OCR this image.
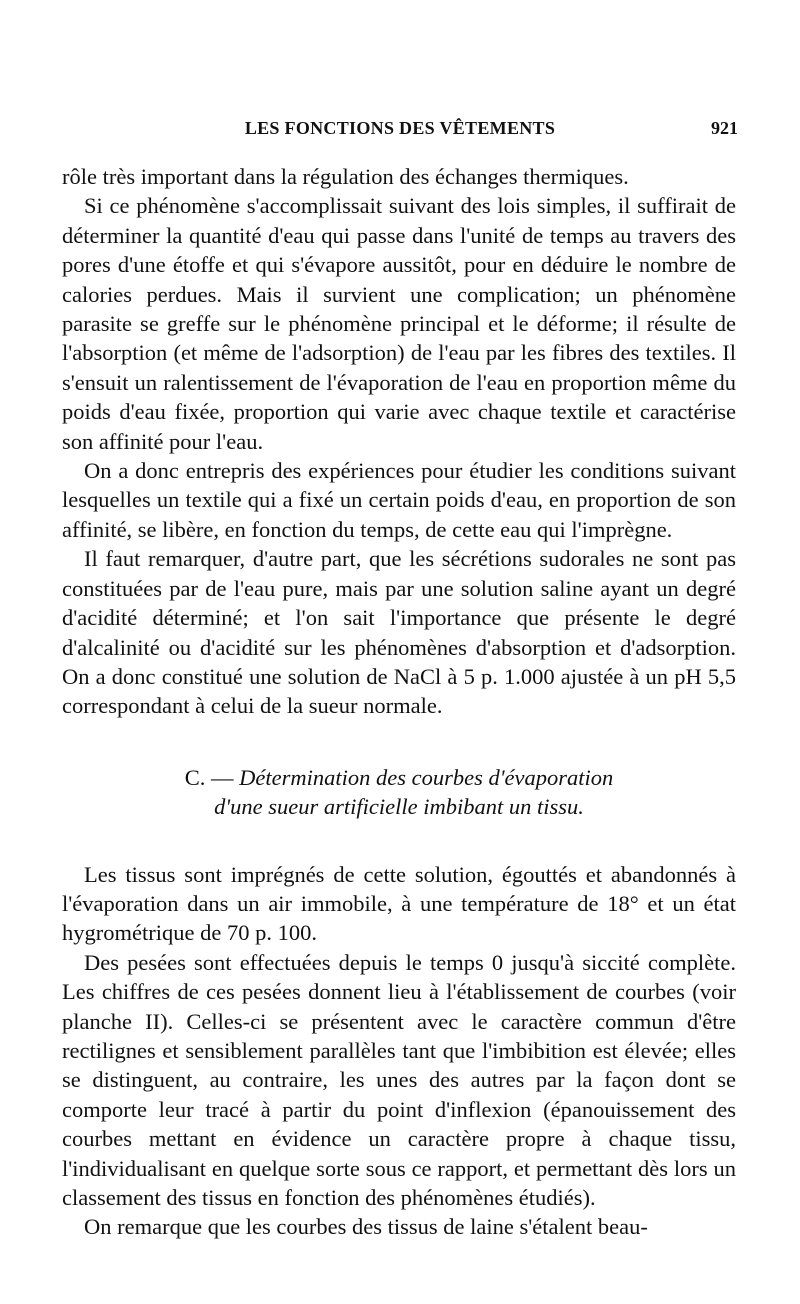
LES FONCTIONS DES VÊTEMENTS	921

rôle très important dans la régulation des échanges thermiques.

Si ce phénomène s'accomplissait suivant des lois simples, il suffirait de déterminer la quantité d'eau qui passe dans l'unité de temps au travers des pores d'une étoffe et qui s'évapore aussitôt, pour en déduire le nombre de calories perdues. Mais il survient une complication; un phénomène parasite se greffe sur le phénomène principal et le déforme; il résulte de l'absorption (et même de l'adsorption) de l'eau par les fibres des textiles. Il s'ensuit un ralentissement de l'évaporation de l'eau en proportion même du poids d'eau fixée, proportion qui varie avec chaque textile et caractérise son affinité pour l'eau.

On a donc entrepris des expériences pour étudier les conditions suivant lesquelles un textile qui a fixé un certain poids d'eau, en proportion de son affinité, se libère, en fonction du temps, de cette eau qui l'imprègne.

Il faut remarquer, d'autre part, que les sécrétions sudorales ne sont pas constituées par de l'eau pure, mais par une solution saline ayant un degré d'acidité déterminé; et l'on sait l'importance que présente le degré d'alcalinité ou d'acidité sur les phénomènes d'absorption et d'adsorption. On a donc constitué une solution de NaCl à 5 p. 1.000 ajustée à un pH 5,5 correspondant à celui de la sueur normale.

C. — Détermination des courbes d'évaporation
d'une sueur artificielle imbibant un tissu.

Les tissus sont imprégnés de cette solution, égouttés et abandonnés à l'évaporation dans un air immobile, à une température de 18° et un état hygrométrique de 70 p. 100.

Des pesées sont effectuées depuis le temps 0 jusqu'à siccité complète. Les chiffres de ces pesées donnent lieu à l'établissement de courbes (voir planche II). Celles-ci se présentent avec le caractère commun d'être rectilignes et sensiblement parallèles tant que l'imbibition est élevée; elles se distinguent, au contraire, les unes des autres par la façon dont se comporte leur tracé à partir du point d'inflexion (épanouissement des courbes mettant en évidence un caractère propre à chaque tissu, l'individualisant en quelque sorte sous ce rapport, et permettant dès lors un classement des tissus en fonction des phénomènes étudiés).

On remarque que les courbes des tissus de laine s'étalent beau-
